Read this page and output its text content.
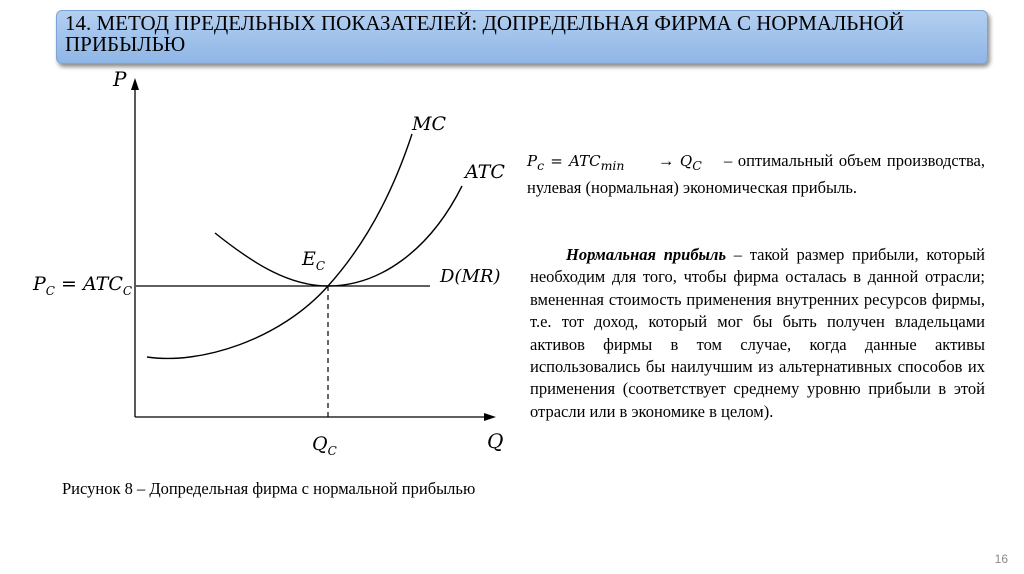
14. МЕТОД ПРЕДЕЛЬНЫХ ПОКАЗАТЕЛЕЙ: ДОПРЕДЕЛЬНАЯ ФИРМА С НОРМАЛЬНОЙ ПРИБЫЛЬЮ
P
Q
MC
ATC
D(MR)
$P_C = ATC_C$
$E_C$
$Q_C$
$P_c = ATC_{min} \to Q_C$ – оптимальный объем производства, нулевая (нормальная) экономическая прибыль.
Нормальная прибыль – такой размер прибыли, который необходим для того, чтобы фирма осталась в данной отрасли; вмененная стоимость применения внутренних ресурсов фирмы, т.е. тот доход, который мог бы быть получен владельцами активов фирмы в том случае, когда данные активы использовались бы наилучшим из альтернативных способов их применения (соответствует среднему уровню прибыли в этой отрасли или в экономике в целом).
Рисунок 8 – Допредельная фирма с нормальной прибылью
16
